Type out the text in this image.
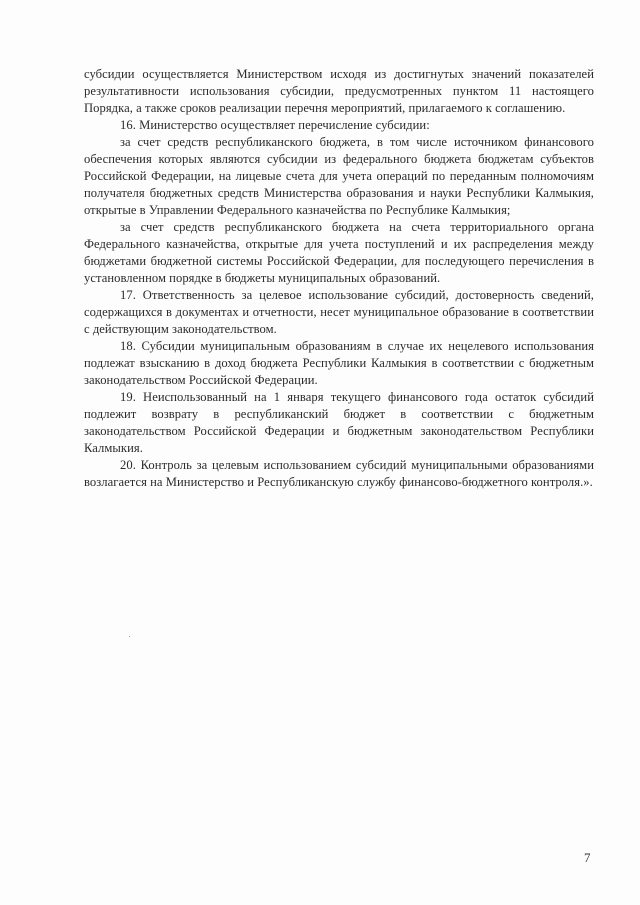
субсидии осуществляется Министерством исходя из достигнутых значений показателей результативности использования субсидии, предусмотренных пунктом 11 настоящего Порядка, а также сроков реализации перечня мероприятий, прилагаемого к соглашению.

16. Министерство осуществляет перечисление субсидии:

за счет средств республиканского бюджета, в том числе источником финансового обеспечения которых являются субсидии из федерального бюджета бюджетам субъектов Российской Федерации, на лицевые счета для учета операций по переданным полномочиям получателя бюджетных средств Министерства образования и науки Республики Калмыкия, открытые в Управлении Федерального казначейства по Республике Калмыкия;

за счет средств республиканского бюджета на счета территориального органа Федерального казначейства, открытые для учета поступлений и их распределения между бюджетами бюджетной системы Российской Федерации, для последующего перечисления в установленном порядке в бюджеты муниципальных образований.

17. Ответственность за целевое использование субсидий, достоверность сведений, содержащихся в документах и отчетности, несет муниципальное образование в соответствии с действующим законодательством.

18. Субсидии муниципальным образованиям в случае их нецелевого использования подлежат взысканию в доход бюджета Республики Калмыкия в соответствии с бюджетным законодательством Российской Федерации.

19. Неиспользованный на 1 января текущего финансового года остаток субсидий подлежит возврату в республиканский бюджет в соответствии с бюджетным законодательством Российской Федерации и бюджетным законодательством Республики Калмыкия.

20. Контроль за целевым использованием субсидий муниципальными образованиями возлагается на Министерство и Республиканскую службу финансово-бюджетного контроля.».

7
